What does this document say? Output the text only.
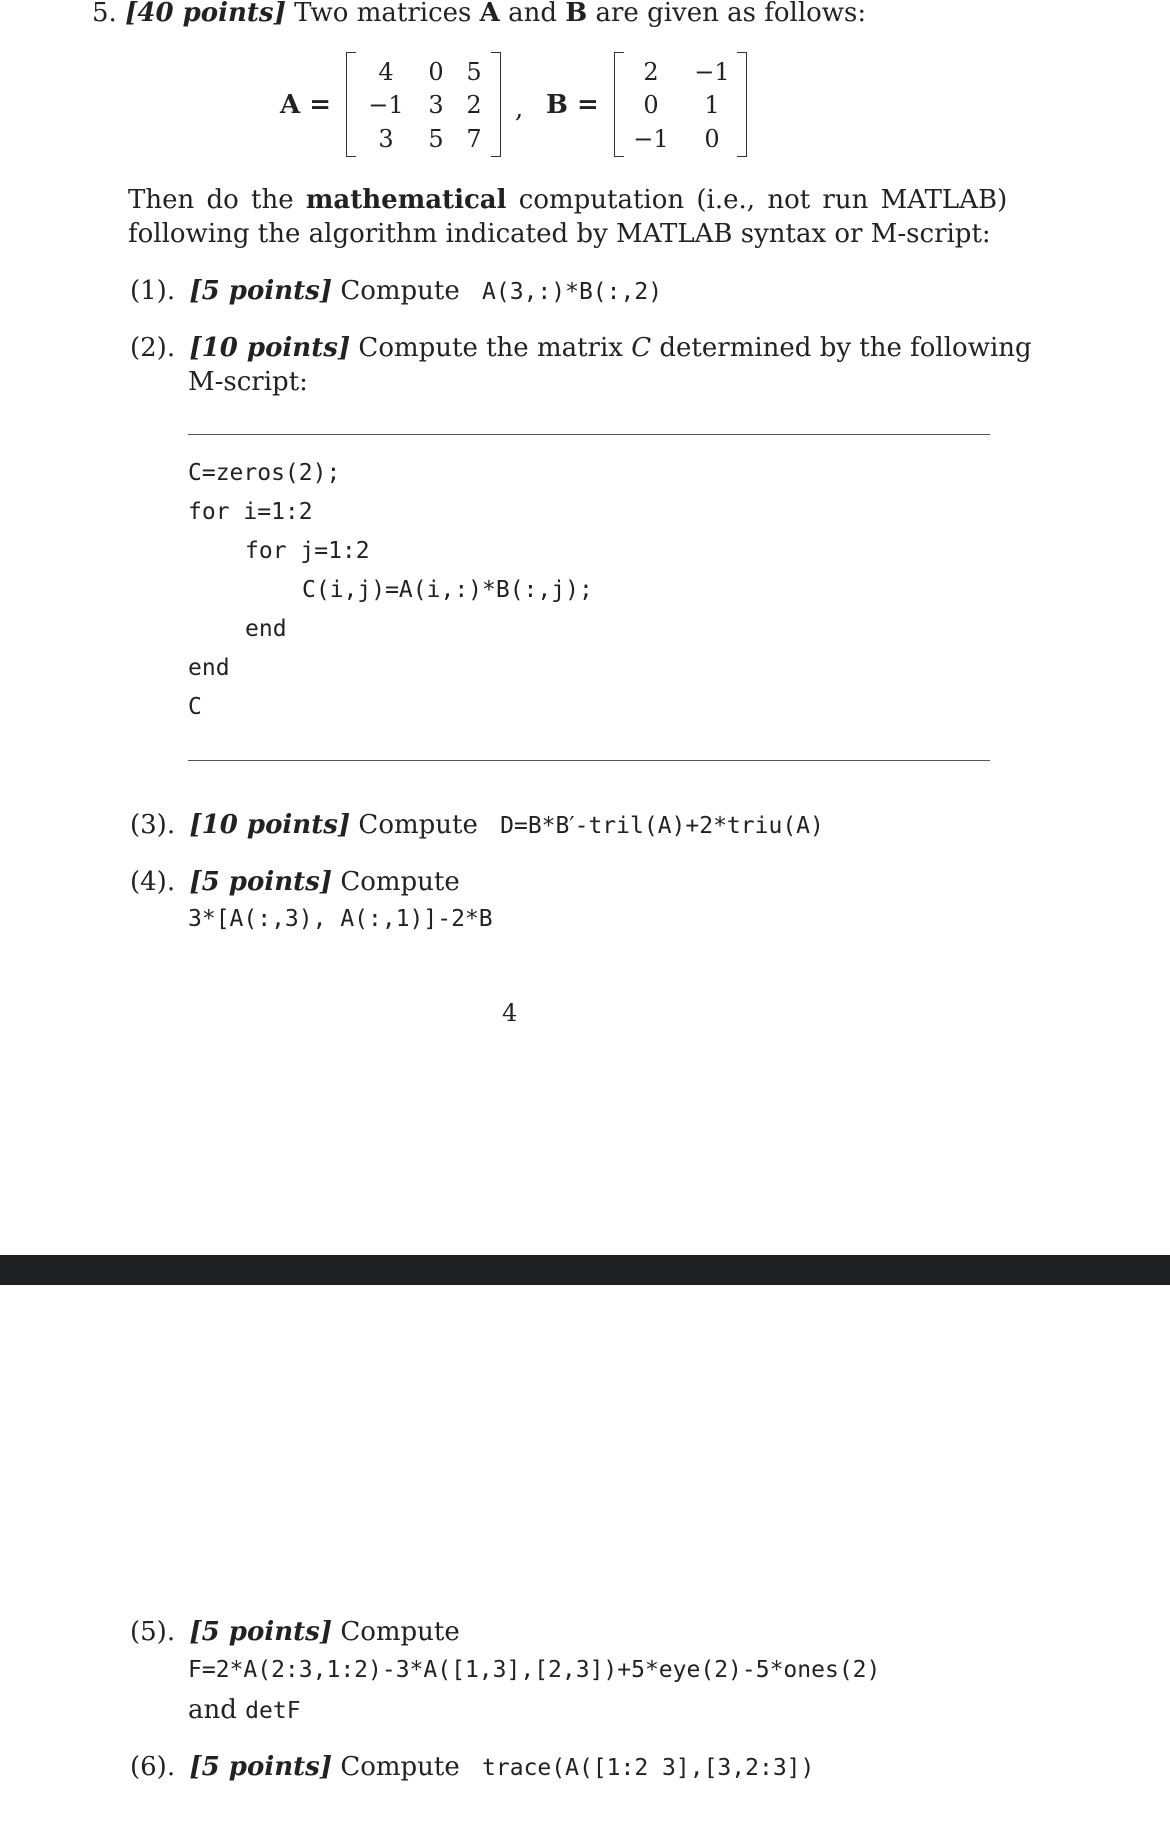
5. [40 points] Two matrices A and B are given as follows:
A =
4	0 5
−1	3 2
3	5 7
, B =
2	−1
0	1
−1	0
Then do the mathematical computation (i.e., not run MATLAB)
following the algorithm indicated by MATLAB syntax or M-script:
(1). [5 points] Compute A(3,:)*B(:,2)
(2). [10 points] Compute the matrix C determined by the following
M-script:
C=zeros(2);
for i=1:2
for j=1:2
C(i,j)=A(i,:)*B(:,j);
end
end
C
(3). [10 points] Compute D=B*B′-tril(A)+2*triu(A)
(4). [5 points] Compute
3*[A(:,3), A(:,1)]-2*B
4
(5). [5 points] Compute
F=2*A(2:3,1:2)-3*A([1,3],[2,3])+5*eye(2)-5*ones(2)
and detF
(6). [5 points] Compute trace(A([1:2 3],[3,2:3])
